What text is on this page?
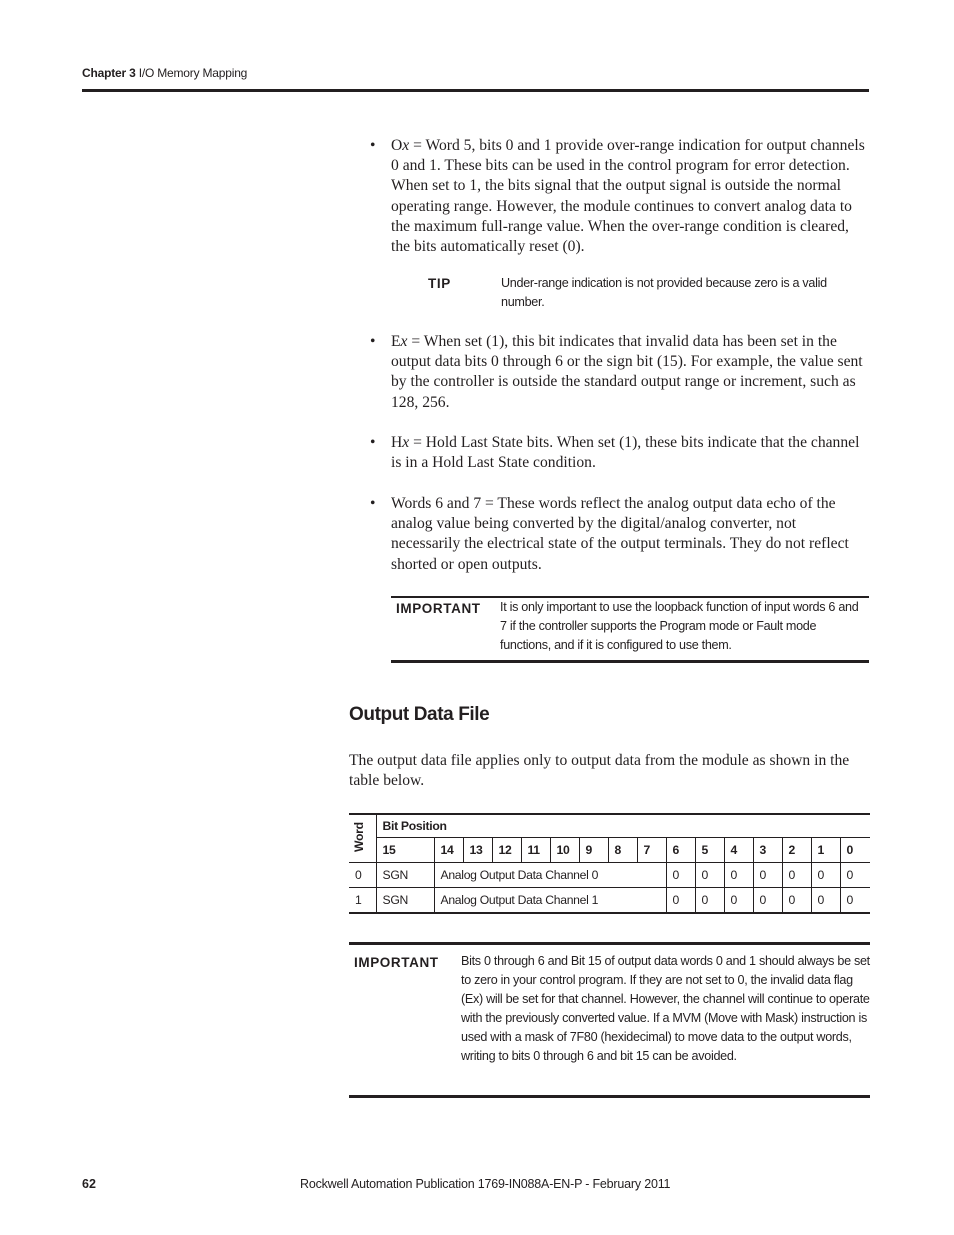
Chapter 3 I/O Memory Mapping
• Ox = Word 5, bits 0 and 1 provide over-range indication for output channels 0 and 1. These bits can be used in the control program for error detection. When set to 1, the bits signal that the output signal is outside the normal operating range. However, the module continues to convert analog data to the maximum full-range value. When the over-range condition is cleared, the bits automatically reset (0).
TIP	Under-range indication is not provided because zero is a valid number.
• Ex = When set (1), this bit indicates that invalid data has been set in the output data bits 0 through 6 or the sign bit (15). For example, the value sent by the controller is outside the standard output range or increment, such as 128, 256.
• Hx = Hold Last State bits. When set (1), these bits indicate that the channel is in a Hold Last State condition.
• Words 6 and 7 = These words reflect the analog output data echo of the analog value being converted by the digital/analog converter, not necessarily the electrical state of the output terminals. They do not reflect shorted or open outputs.
IMPORTANT It is only important to use the loopback function of input words 6 and 7 if the controller supports the Program mode or Fault mode functions, and if it is configured to use them.
Output Data File
The output data file applies only to output data from the module as shown in the table below.
Word	Bit Position															
	15	14	13	12	11	10	9	8	7	6	5	4	3	2	1	0
0	SGN	Analog Output Data Channel 0								0	0	0	0	0	0	0
1	SGN	Analog Output Data Channel 1								0	0	0	0	0	0	0
IMPORTANT Bits 0 through 6 and Bit 15 of output data words 0 and 1 should always be set to zero in your control program. If they are not set to 0, the invalid data flag (Ex) will be set for that channel. However, the channel will continue to operate with the previously converted value. If a MVM (Move with Mask) instruction is used with a mask of 7F80 (hexidecimal) to move data to the output words, writing to bits 0 through 6 and bit 15 can be avoided.
62	Rockwell Automation Publication 1769-IN088A-EN-P - February 2011
